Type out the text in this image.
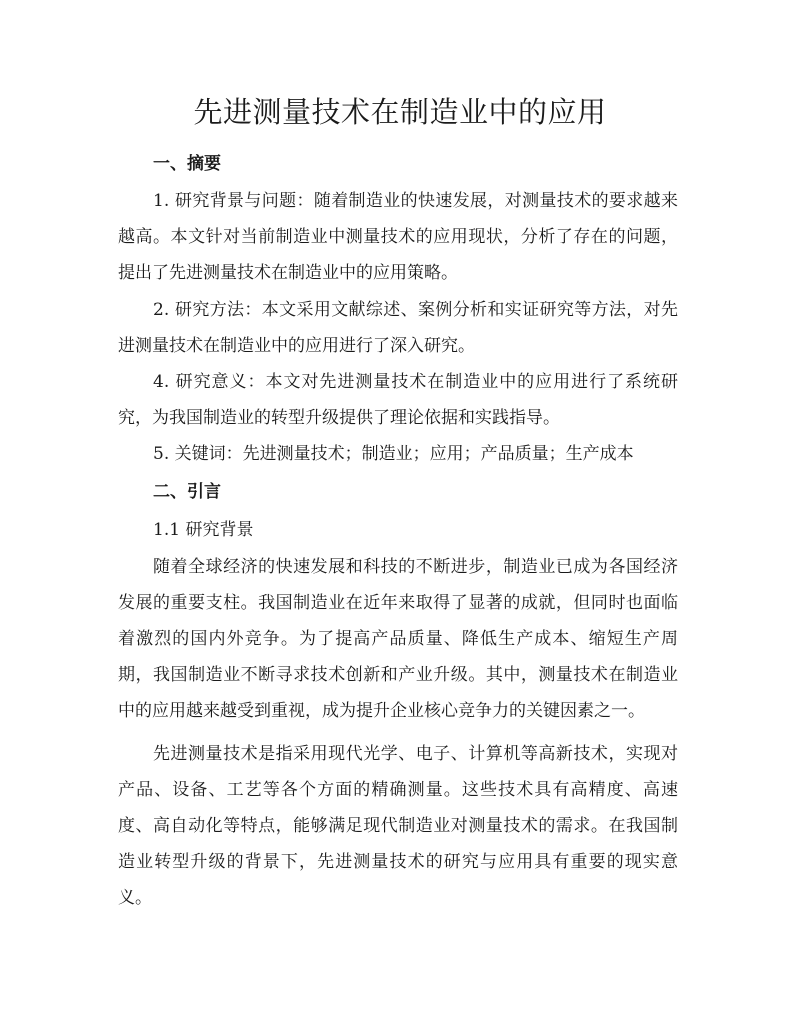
先进测量技术在制造业中的应用
一、摘要

1. 研究背景与问题：随着制造业的快速发展，对测量技术的要求越来越高。本文针对当前制造业中测量技术的应用现状，分析了存在的问题，提出了先进测量技术在制造业中的应用策略。

2. 研究方法：本文采用文献综述、案例分析和实证研究等方法，对先进测量技术在制造业中的应用进行了深入研究。

4. 研究意义：本文对先进测量技术在制造业中的应用进行了系统研究，为我国制造业的转型升级提供了理论依据和实践指导。

5. 关键词：先进测量技术；制造业；应用；产品质量；生产成本

二、引言
1.1 研究背景

随着全球经济的快速发展和科技的不断进步，制造业已成为各国经济发展的重要支柱。我国制造业在近年来取得了显著的成就，但同时也面临着激烈的国内外竞争。为了提高产品质量、降低生产成本、缩短生产周期，我国制造业不断寻求技术创新和产业升级。其中，测量技术在制造业中的应用越来越受到重视，成为提升企业核心竞争力的关键因素之一。

先进测量技术是指采用现代光学、电子、计算机等高新技术，实现对产品、设备、工艺等各个方面的精确测量。这些技术具有高精度、高速度、高自动化等特点，能够满足现代制造业对测量技术的需求。在我国制造业转型升级的背景下，先进测量技术的研究与应用具有重要的现实意义。
